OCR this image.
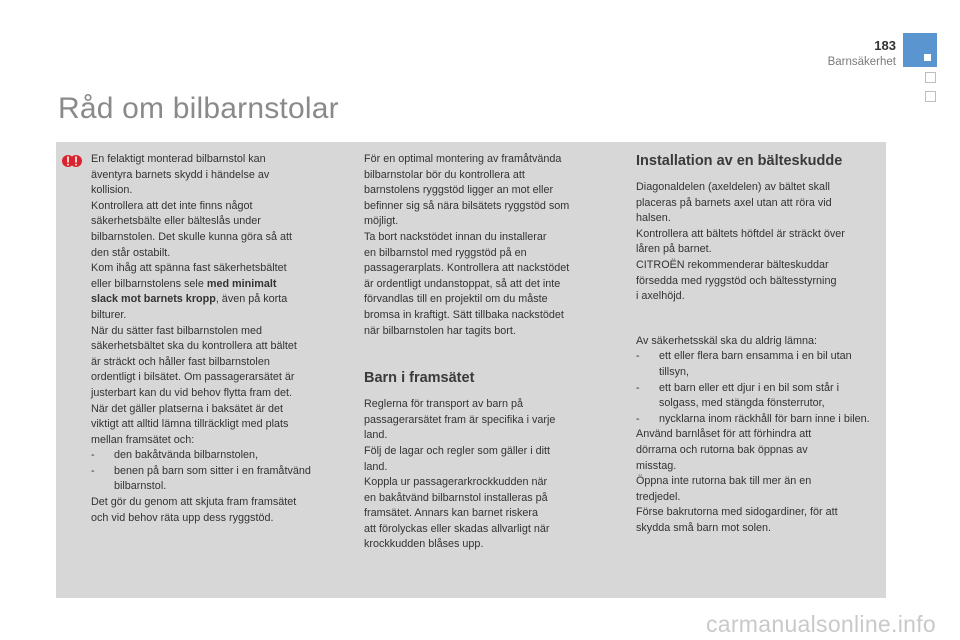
183
Barnsäkerhet
Råd om bilbarnstolar

En felaktigt monterad bilbarnstol kan

äventyra barnets skydd i händelse av

kollision.

Kontrollera att det inte finns något

säkerhetsbälte eller bälteslås under

bilbarnstolen. Det skulle kunna göra så att

den står ostabilt.

Kom ihåg att spänna fast säkerhetsbältet

eller bilbarnstolens sele med minimalt

slack mot barnets kropp, även på korta

bilturer.

När du sätter fast bilbarnstolen med

säkerhetsbältet ska du kontrollera att bältet

är sträckt och håller fast bilbarnstolen

ordentligt i bilsätet. Om passagerarsätet är

justerbart kan du vid behov flytta fram det.

När det gäller platserna i baksätet är det

viktigt att alltid lämna tillräckligt med plats

mellan framsätet och:

-	den bakåtvända bilbarnstolen,
-	benen på barn som sitter i en framåtvänd bilbarnstol.

Det gör du genom att skjuta fram framsätet

och vid behov räta upp dess ryggstöd.

För en optimal montering av framåtvända

bilbarnstolar bör du kontrollera att

barnstolens ryggstöd ligger an mot eller

befinner sig så nära bilsätets ryggstöd som

möjligt.

Ta bort nackstödet innan du installerar

en bilbarnstol med ryggstöd på en

passagerarplats. Kontrollera att nackstödet

är ordentligt undanstoppat, så att det inte

förvandlas till en projektil om du måste

bromsa in kraftigt. Sätt tillbaka nackstödet

när bilbarnstolen har tagits bort.

Barn i framsätet

Reglerna för transport av barn på

passagerarsätet fram är specifika i varje

land.

Följ de lagar och regler som gäller i ditt

land.

Koppla ur passagerarkrockkudden när

en bakåtvänd bilbarnstol installeras på

framsätet. Annars kan barnet riskera

att förolyckas eller skadas allvarligt när

krockkudden blåses upp.

Installation av en bälteskudde

Diagonaldelen (axeldelen) av bältet skall

placeras på barnets axel utan att röra vid

halsen.

Kontrollera att bältets höftdel är sträckt över

låren på barnet.

CITROËN rekommenderar bälteskuddar

försedda med ryggstöd och bältesstyrning

i axelhöjd.

Av säkerhetsskäl ska du aldrig lämna:

-	ett eller flera barn ensamma i en bil utan tillsyn,
-	ett barn eller ett djur i en bil som står i solgass, med stängda fönsterrutor,
-	nycklarna inom räckhåll för barn inne i bilen.

Använd barnlåset för att förhindra att

dörrarna och rutorna bak öppnas av

misstag.

Öppna inte rutorna bak till mer än en

tredjedel.

Förse bakrutorna med sidogardiner, för att

skydda små barn mot solen.

carmanualsonline.info
